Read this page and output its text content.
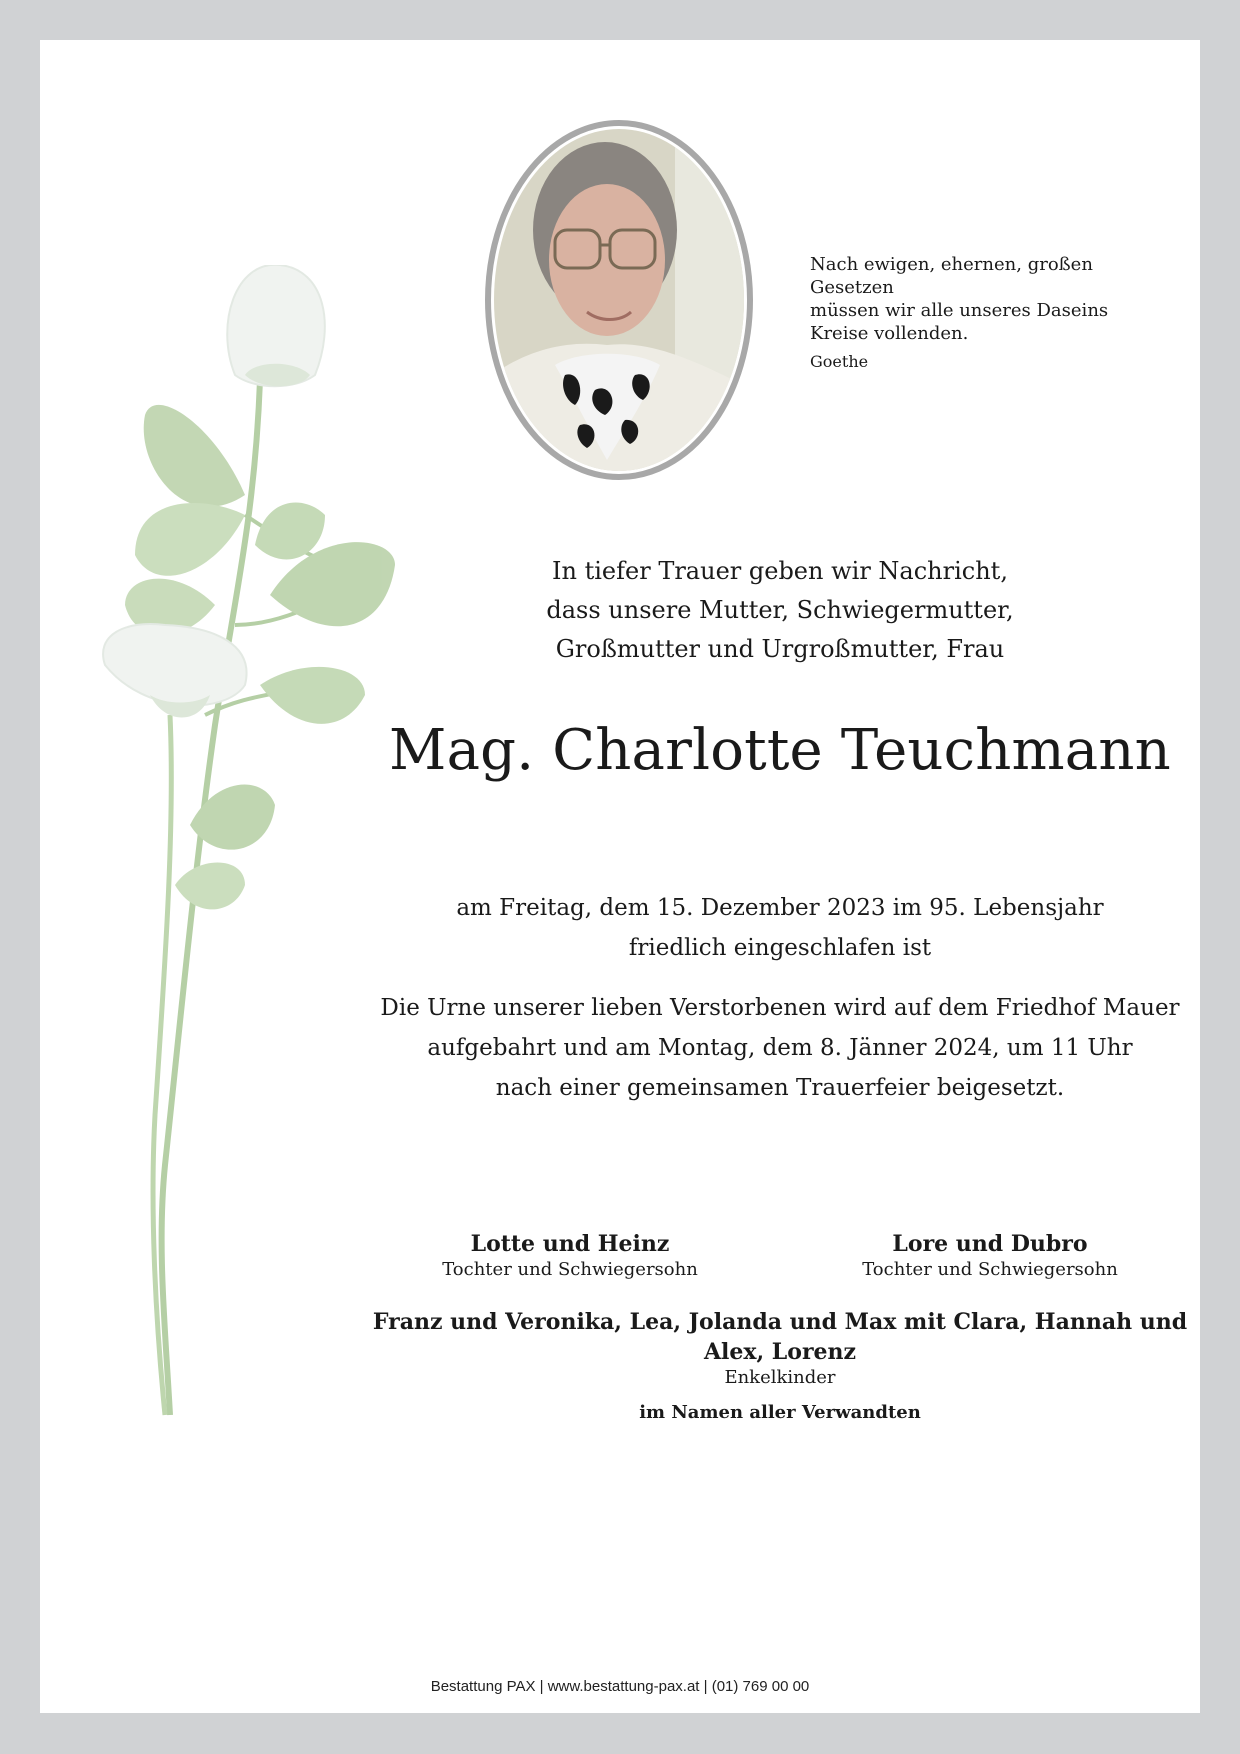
Nach ewigen, ehernen, großen Gesetzen
müssen wir alle unseres Daseins
Kreise vollenden.
Goethe
In tiefer Trauer geben wir Nachricht,
dass unsere Mutter, Schwiegermutter,
Großmutter und Urgroßmutter, Frau
Mag. Charlotte Teuchmann
am Freitag, dem 15. Dezember 2023 im 95. Lebensjahr
friedlich eingeschlafen ist
Die Urne unserer lieben Verstorbenen wird auf dem Friedhof Mauer
aufgebahrt und am Montag, dem 8. Jänner 2024, um 11 Uhr
nach einer gemeinsamen Trauerfeier beigesetzt.
Lotte und Heinz
Tochter und Schwiegersohn
Lore und Dubro
Tochter und Schwiegersohn
Franz und Veronika, Lea, Jolanda und Max mit Clara, Hannah und Alex, Lorenz
Enkelkinder
im Namen aller Verwandten
Bestattung PAX | www.bestattung-pax.at | (01) 769 00 00
